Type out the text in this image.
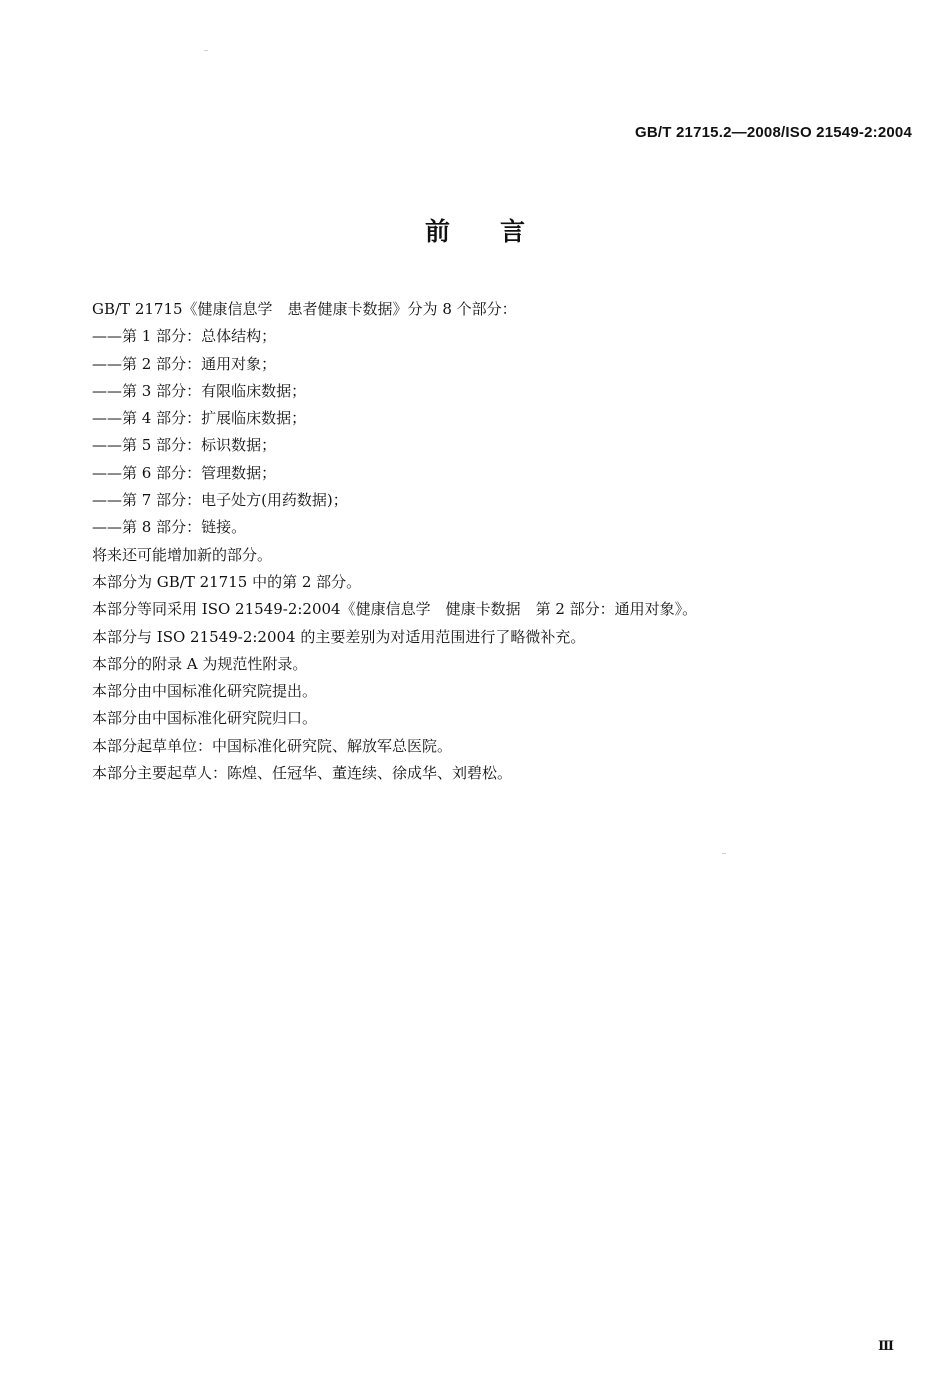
GB/T 21715.2—2008/ISO 21549-2:2004
前言
GB/T 21715《健康信息学　患者健康卡数据》分为 8 个部分：
——第 1 部分：总体结构；
——第 2 部分：通用对象；
——第 3 部分：有限临床数据；
——第 4 部分：扩展临床数据；
——第 5 部分：标识数据；
——第 6 部分：管理数据；
——第 7 部分：电子处方(用药数据)；
——第 8 部分：链接。
将来还可能增加新的部分。
本部分为 GB/T 21715 中的第 2 部分。
本部分等同采用 ISO 21549-2:2004《健康信息学　健康卡数据　第 2 部分：通用对象》。
本部分与 ISO 21549-2:2004 的主要差别为对适用范围进行了略微补充。
本部分的附录 A 为规范性附录。
本部分由中国标准化研究院提出。
本部分由中国标准化研究院归口。
本部分起草单位：中国标准化研究院、解放军总医院。
本部分主要起草人：陈煌、任冠华、董连续、徐成华、刘碧松。
Ⅲ
